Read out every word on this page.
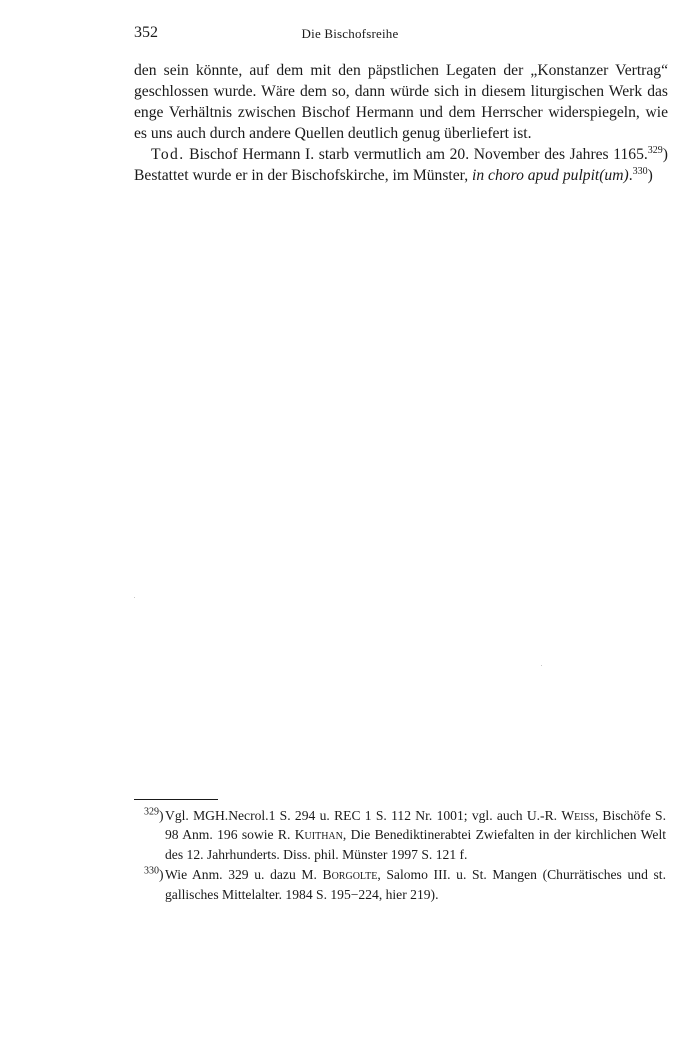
352	Die Bischofsreihe

den sein könnte, auf dem mit den päpstlichen Legaten der „Konstanzer Vertrag“ geschlossen wurde. Wäre dem so, dann würde sich in diesem liturgischen Werk das enge Verhältnis zwischen Bischof Hermann und dem Herrscher widerspiegeln, wie es uns auch durch andere Quellen deutlich genug überliefert ist.

Tod. Bischof Hermann I. starb vermutlich am 20. November des Jahres 1165.$^{329}$) Bestattet wurde er in der Bischofskirche, im Münster, in choro apud pulpit(um).$^{330}$)

$^{329}$) Vgl. MGH.Necrol.1 S. 294 u. REC 1 S. 112 Nr. 1001; vgl. auch U.-R. Weiss, Bischöfe S. 98 Anm. 196 sowie R. Kuithan, Die Benediktinerabtei Zwiefalten in der kirchlichen Welt des 12. Jahrhunderts. Diss. phil. Münster 1997 S. 121 f.
$^{330}$) Wie Anm. 329 u. dazu M. Borgolte, Salomo III. u. St. Mangen (Churrätisches und st. gallisches Mittelalter. 1984 S. 195−224, hier 219).
